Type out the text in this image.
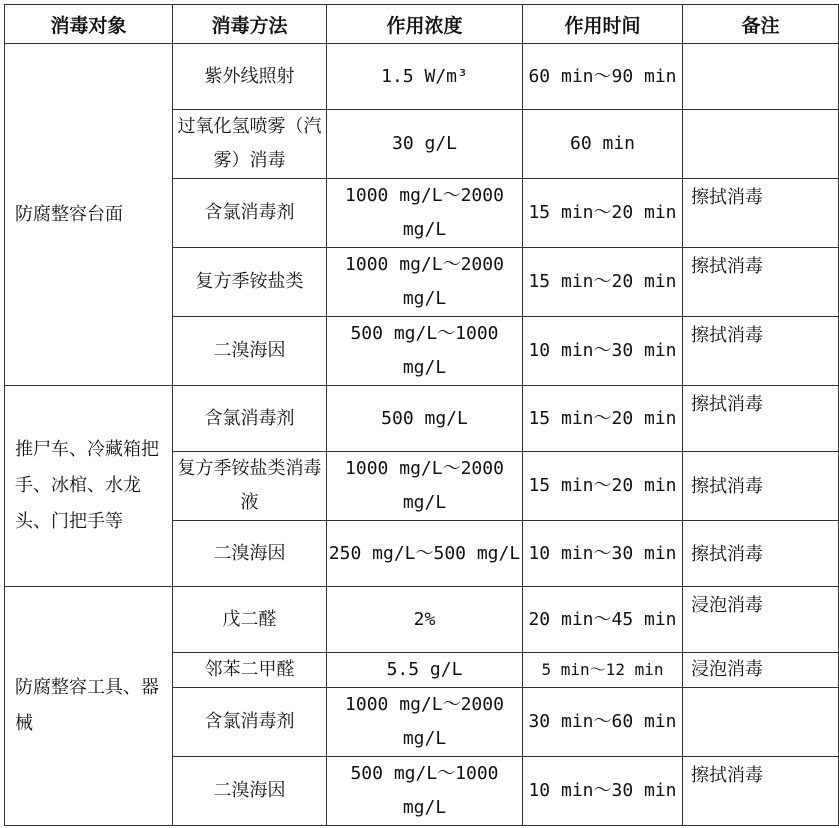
消毒对象	消毒方法	作用浓度	作用时间	备注
防腐整容台面	紫外线照射	1.5 W/m³	60 min～90 min	
	过氧化氢喷雾（汽雾）消毒	30 g/L	60 min	
	含氯消毒剂	1000 mg/L～2000 mg/L	15 min～20 min	擦拭消毒
	复方季铵盐类	1000 mg/L～2000 mg/L	15 min～20 min	擦拭消毒
	二溴海因	500 mg/L～1000 mg/L	10 min～30 min	擦拭消毒
推尸车、冷藏箱把手、冰棺、水龙头、门把手等	含氯消毒剂	500 mg/L	15 min～20 min	擦拭消毒
	复方季铵盐类消毒液	1000 mg/L～2000 mg/L	15 min～20 min	擦拭消毒
	二溴海因	250 mg/L～500 mg/L	10 min～30 min	擦拭消毒
防腐整容工具、器械	戊二醛	2%	20 min～45 min	浸泡消毒
	邻苯二甲醛	5.5 g/L	5 min～12 min	浸泡消毒
	含氯消毒剂	1000 mg/L～2000 mg/L	30 min～60 min	
	二溴海因	500 mg/L～1000 mg/L	10 min～30 min	擦拭消毒
